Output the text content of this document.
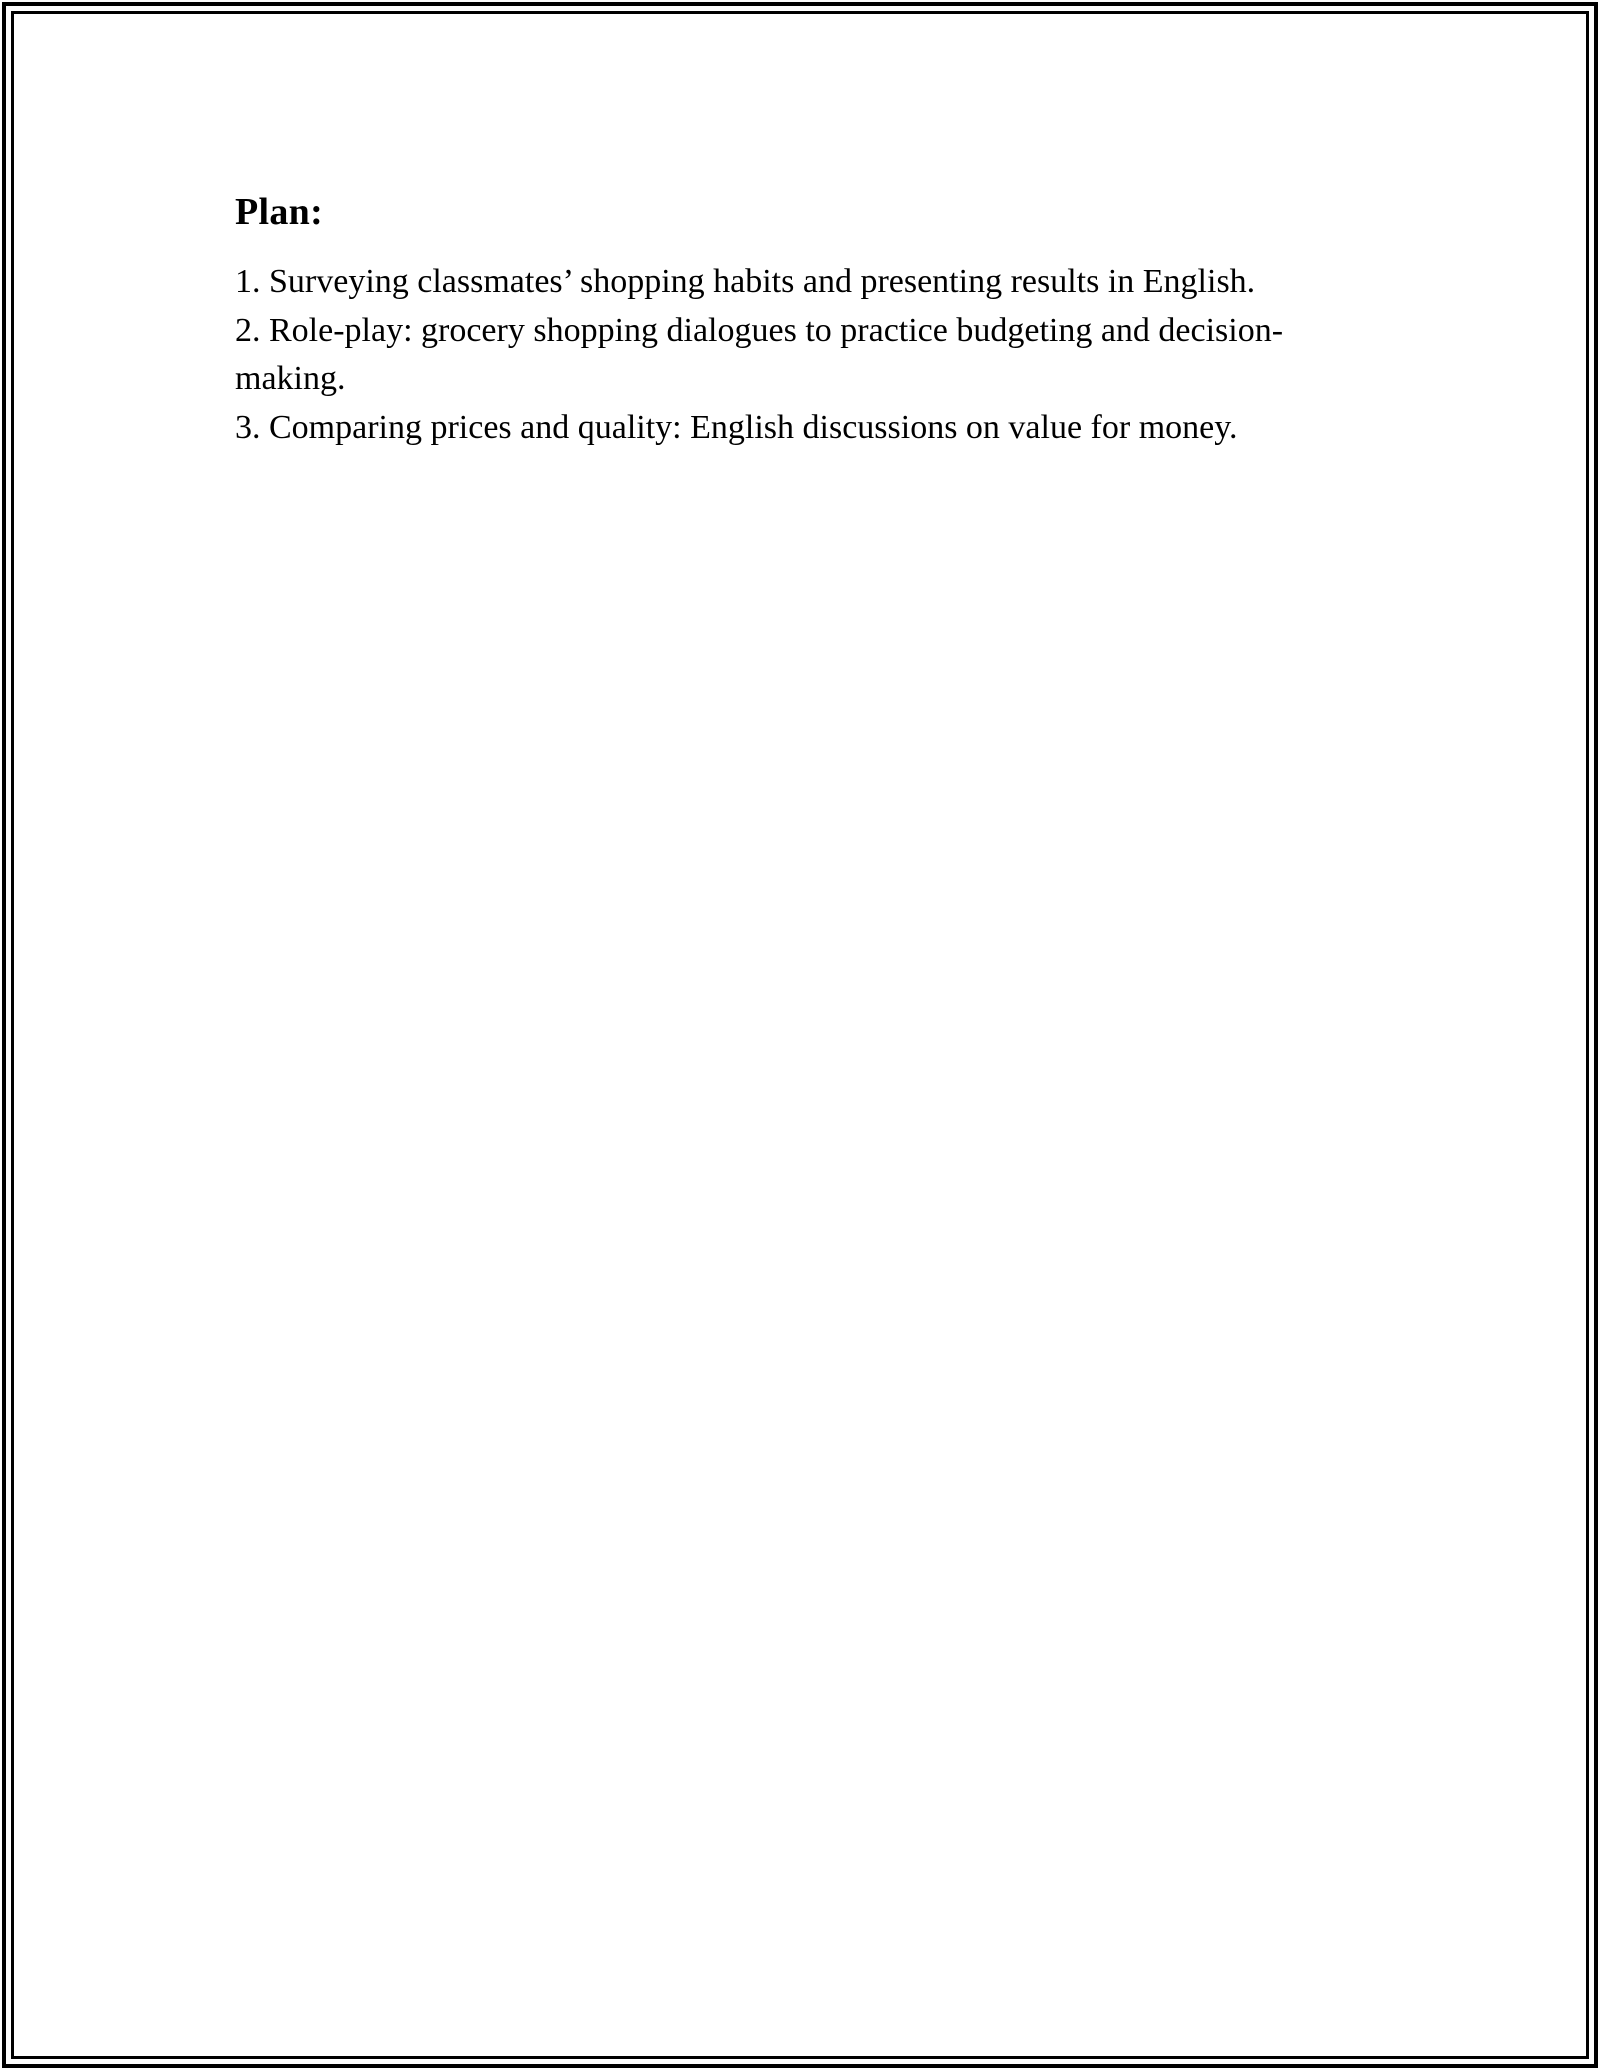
Plan:
1. Surveying classmates’ shopping habits and presenting results in English.
2. Role-play: grocery shopping dialogues to practice budgeting and decision-making.
3. Comparing prices and quality: English discussions on value for money.
